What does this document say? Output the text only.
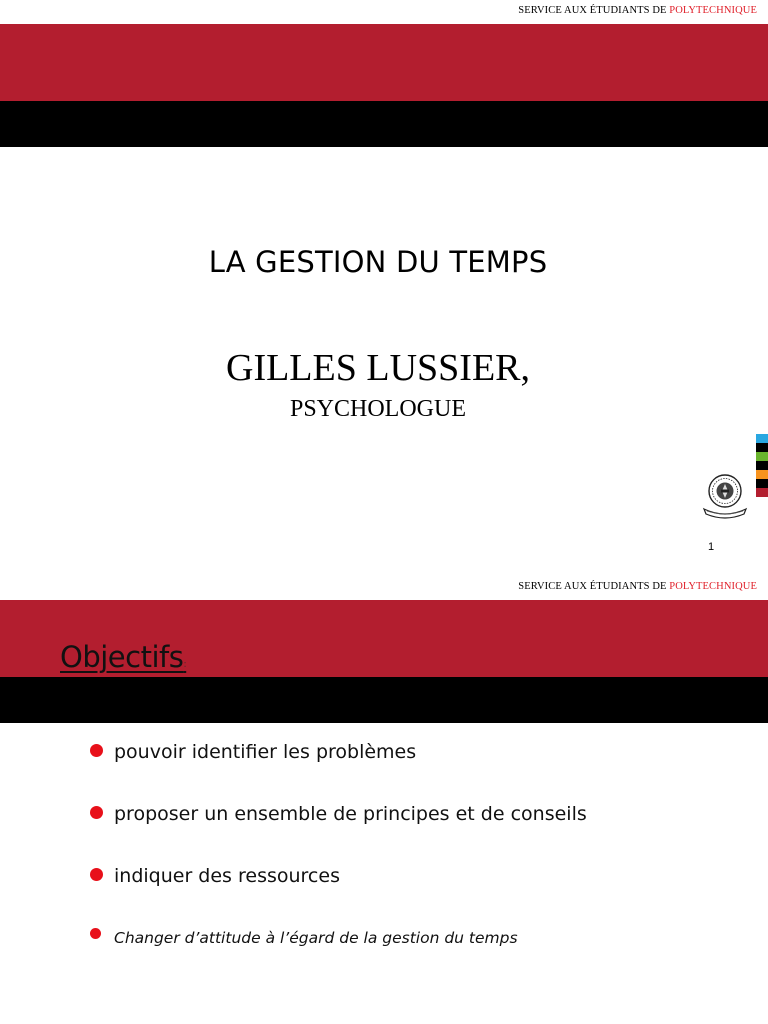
SERVICE AUX ÉTUDIANTS DE POLYTECHNIQUE
LA GESTION DU TEMPS
GILLES LUSSIER,
PSYCHOLOGUE
1
SERVICE AUX ÉTUDIANTS DE POLYTECHNIQUE
Objectifs:
pouvoir identifier les problèmes
proposer un ensemble de principes et de conseils
indiquer des ressources
Changer d’attitude à l’égard de la gestion du temps
